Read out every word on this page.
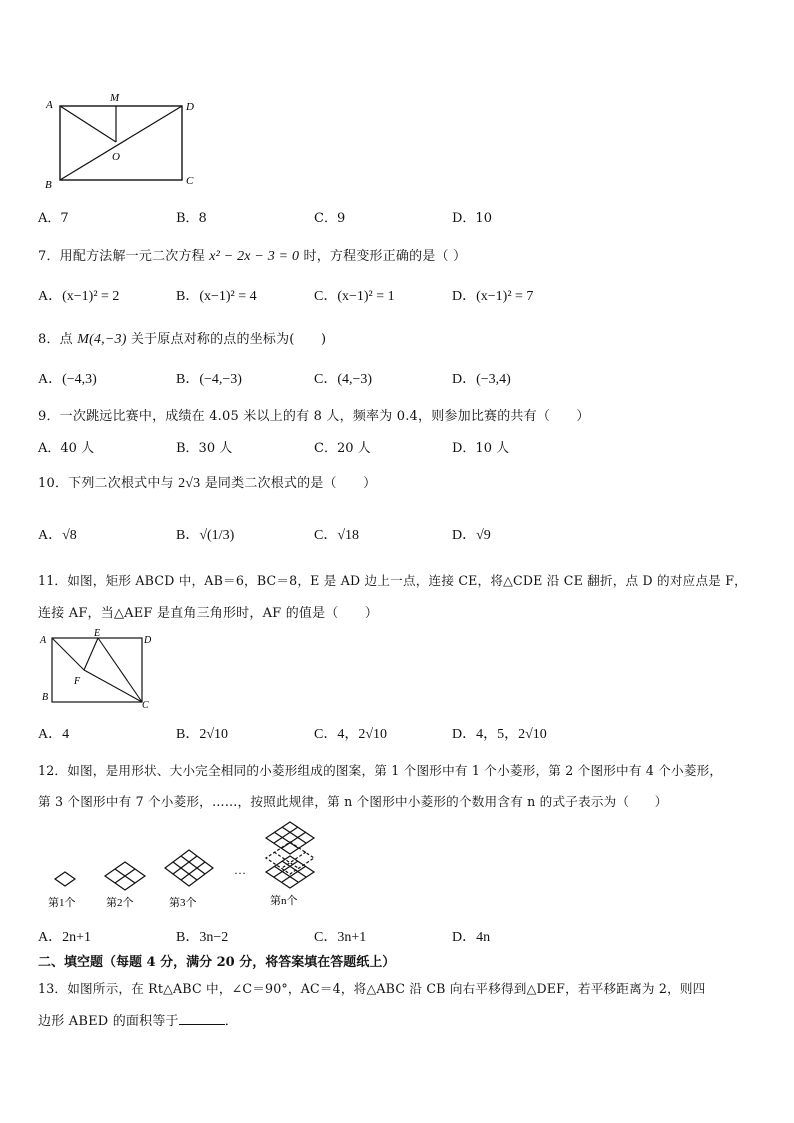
A
M
D
O
B	C
A．7	B．8	C．9	D．10
7．用配方法解一元二次方程 x² − 2x − 3 = 0 时，方程变形正确的是（ ）
A．(x−1)² = 2	B．(x−1)² = 4	C．(x−1)² = 1	D．(x−1)² = 7
8．点 M(4,−3) 关于原点对称的点的坐标为(　　)
A．(−4,3)	B．(−4,−3)	C．(4,−3)	D．(−3,4)
9．一次跳远比赛中，成绩在 4.05 米以上的有 8 人，频率为 0.4，则参加比赛的共有（　　）
A．40 人	B．30 人	C．20 人	D．10 人
10．下列二次根式中与 2√3 是同类二次根式的是（　　）
A．√8	B．√(1/3)	C．√18	D．√9
11．如图，矩形 ABCD 中，AB＝6，BC＝8，E 是 AD 边上一点，连接 CE，将△CDE 沿 CE 翻折，点 D 的对应点是 F，
连接 AF，当△AEF 是直角三角形时，AF 的值是（　　）
A
E
D
F
B
C
A．4	B．2√10	C．4，2√10	D．4，5，2√10
12．如图，是用形状、大小完全相同的小菱形组成的图案，第 1 个图形中有 1 个小菱形，第 2 个图形中有 4 个小菱形，
第 3 个图形中有 7 个小菱形，……，按照此规律，第 n 个图形中小菱形的个数用含有 n 的式子表示为（　　）
…
第1个	第2个	第3个	第n个
A．2n+1	B．3n−2	C．3n+1	D．4n
二、填空题（每题 4 分，满分 20 分，将答案填在答题纸上）
13．如图所示，在 Rt△ABC 中，∠C＝90°，AC＝4，将△ABC 沿 CB 向右平移得到△DEF，若平移距离为 2，则四
边形 ABED 的面积等于	．
